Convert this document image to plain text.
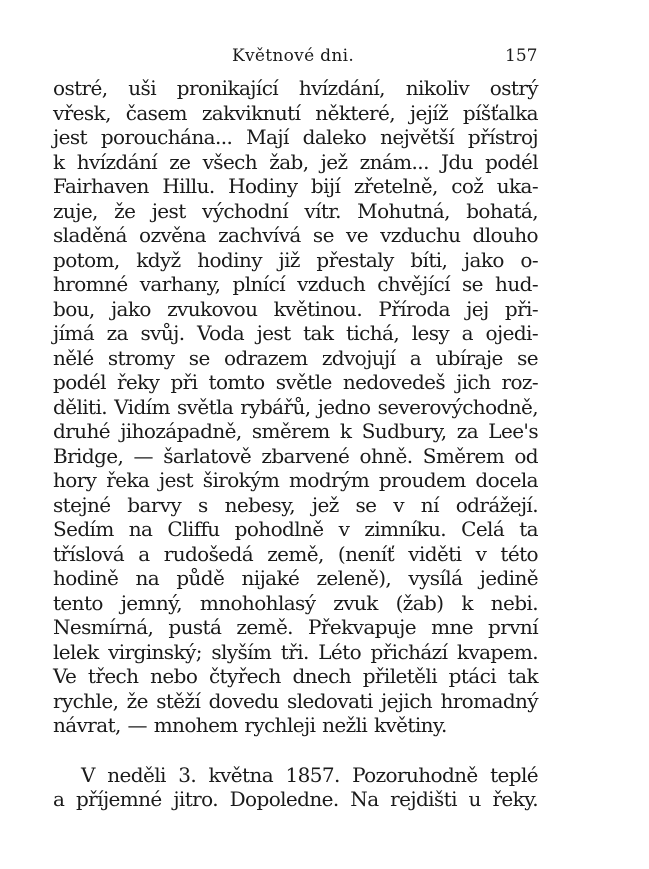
Květnové dni.	157
ostré, uši pronikající hvízdání, nikoliv ostrý
vřesk, časem zakviknutí některé, jejíž píšťalka
jest porouchána... Mají daleko největší přístroj
k hvízdání ze všech žab, jež znám... Jdu podél
Fairhaven Hillu. Hodiny bijí zřetelně, což uka-
zuje, že jest východní vítr. Mohutná, bohatá,
sladěná ozvěna zachvívá se ve vzduchu dlouho
potom, když hodiny již přestaly bíti, jako o-
hromné varhany, plnící vzduch chvějící se hud-
bou, jako zvukovou květinou. Příroda jej při-
jímá za svůj. Voda jest tak tichá, lesy a ojedi-
nělé stromy se odrazem zdvojují a ubíraje se
podél řeky při tomto světle nedovedeš jich roz-
děliti. Vidím světla rybářů, jedno severovýchodně,
druhé jihozápadně, směrem k Sudbury, za Lee's
Bridge, — šarlatově zbarvené ohně. Směrem od
hory řeka jest širokým modrým proudem docela
stejné barvy s nebesy, jež se v ní odrážejí.
Sedím na Cliffu pohodlně v zimníku. Celá ta
tříslová a rudošedá země, (neníť viděti v této
hodině na půdě nijaké zeleně), vysílá jedině
tento jemný, mnohohlasý zvuk (žab) k nebi.
Nesmírná, pustá země. Překvapuje mne první
lelek virginský; slyším tři. Léto přichází kvapem.
Ve třech nebo čtyřech dnech přiletěli ptáci tak
rychle, že stěží dovedu sledovati jejich hromadný
návrat, — mnohem rychleji nežli květiny.
V neděli 3. května 1857. Pozoruhodně teplé
a příjemné jitro. Dopoledne. Na rejdišti u řeky.
